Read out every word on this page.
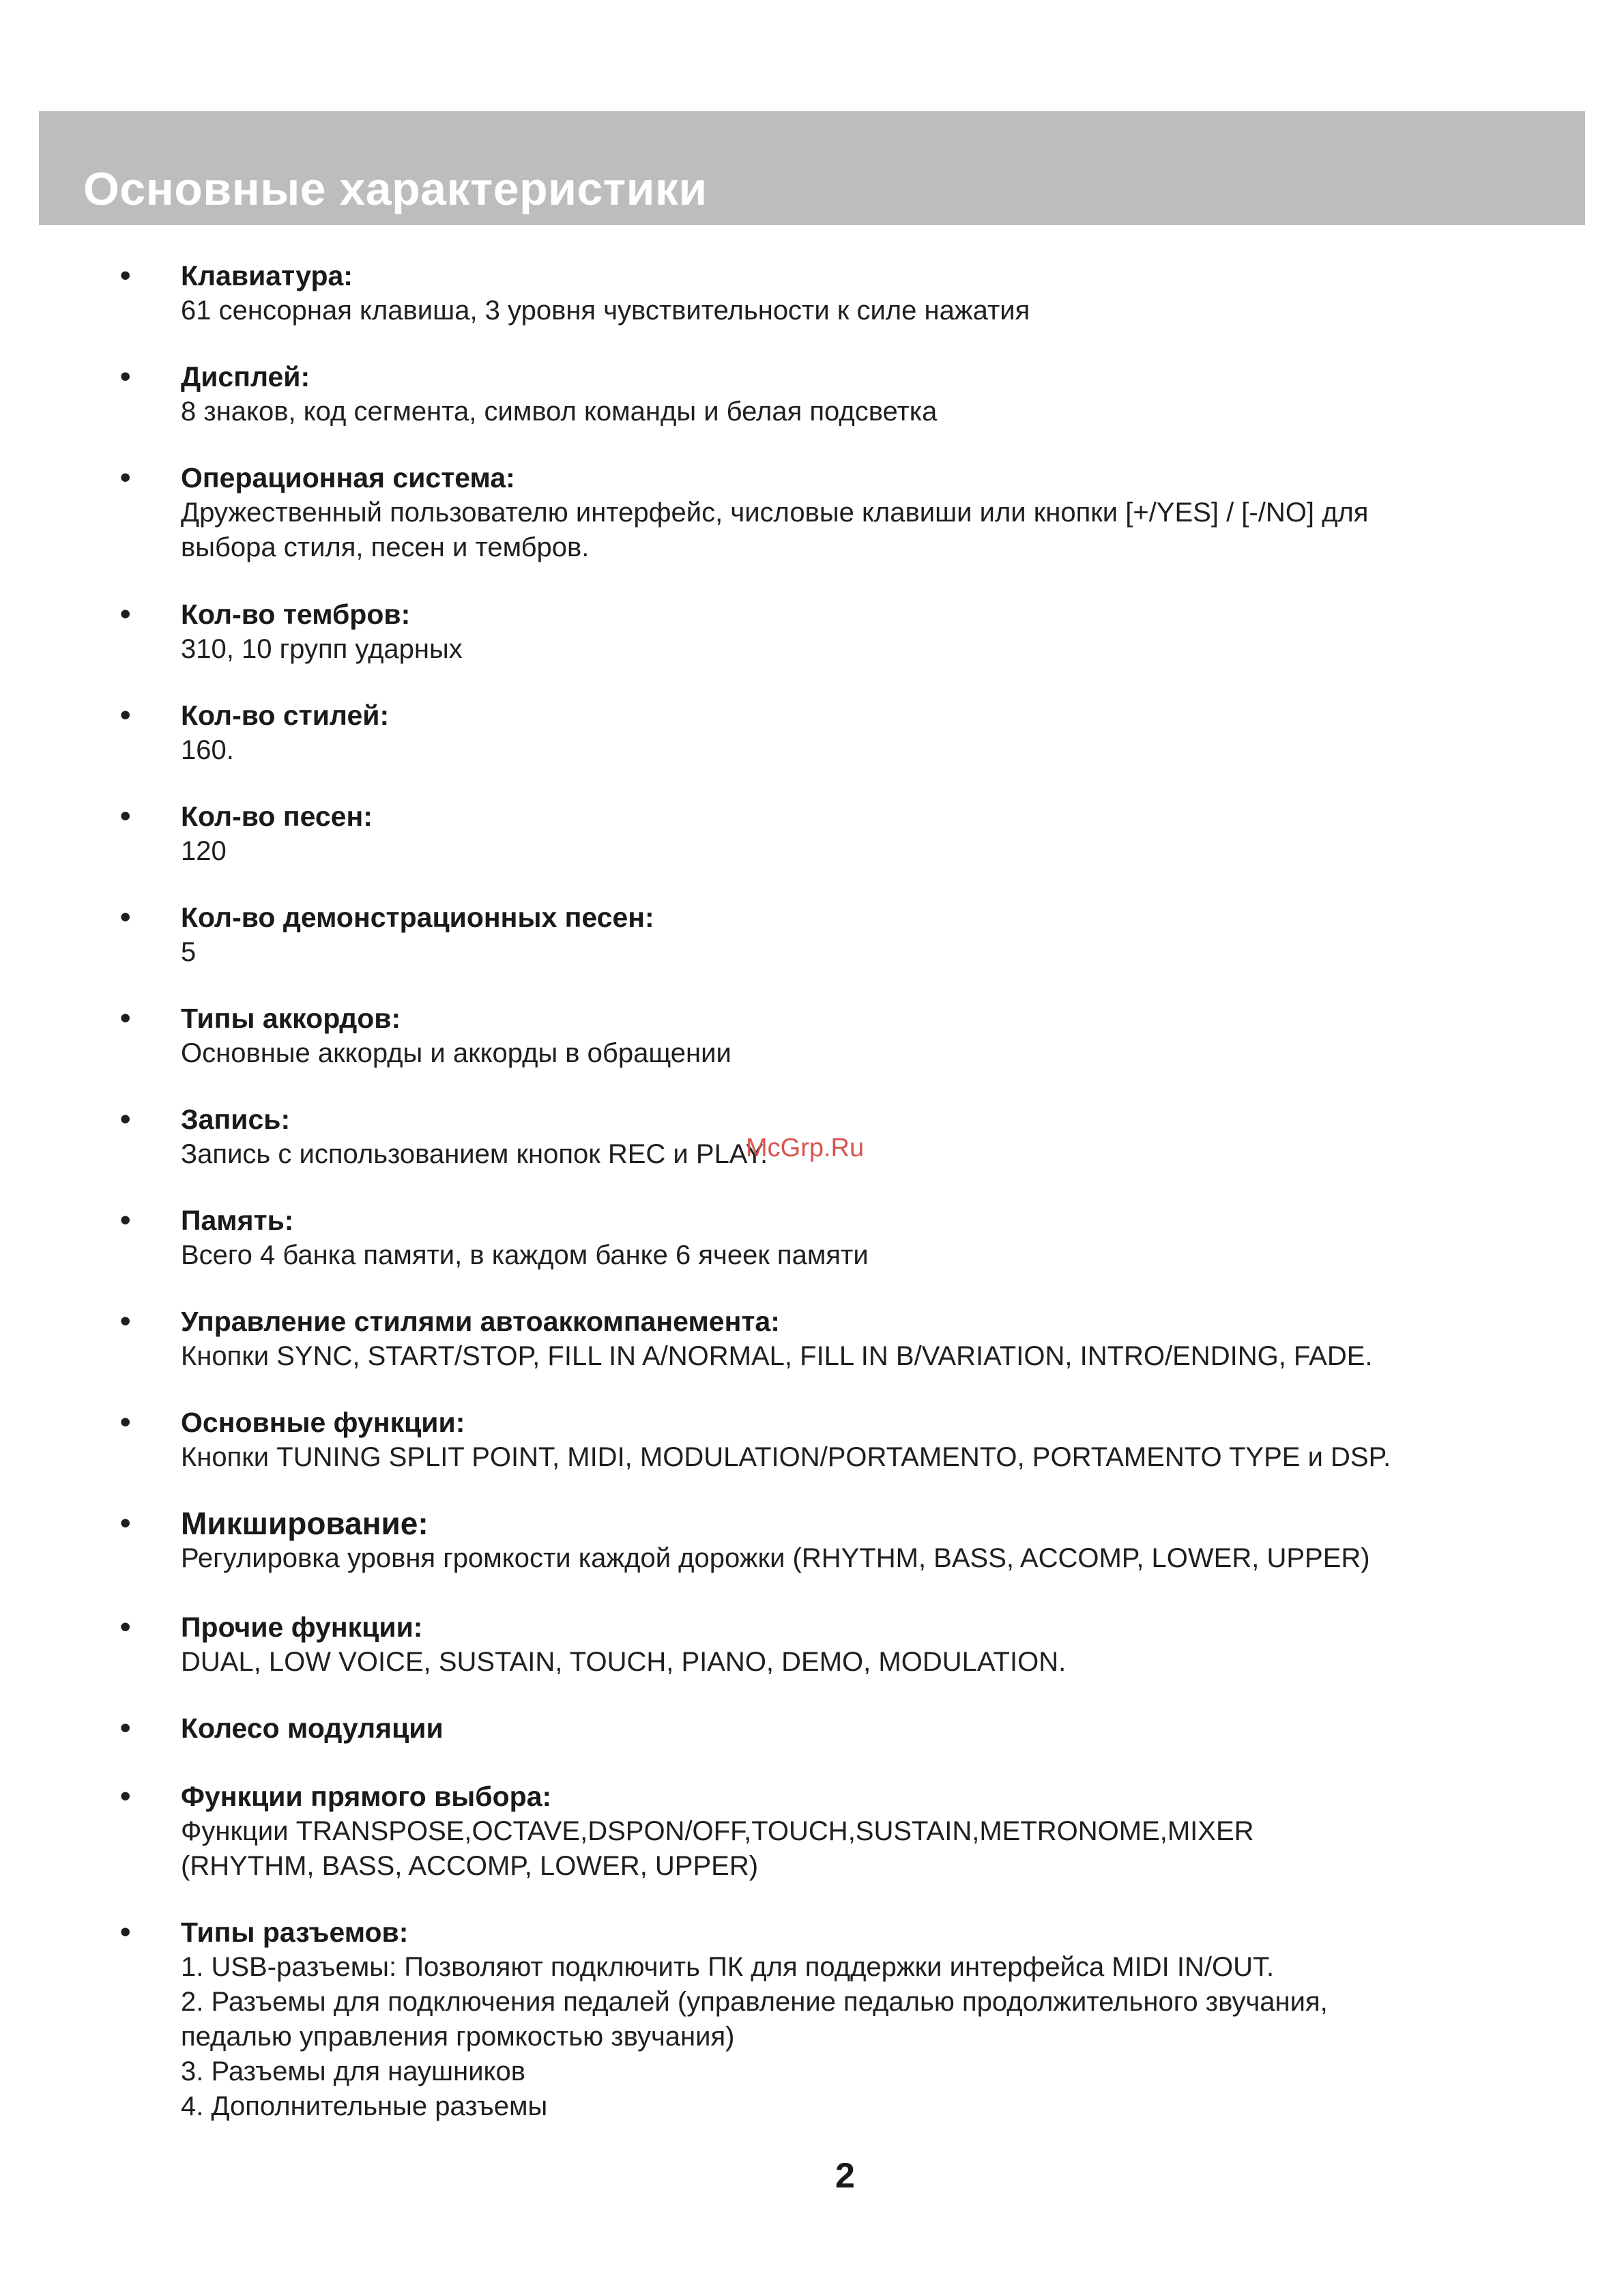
Основные характеристики
• Клавиатура:
61 сенсорная клавиша, 3 уровня чувствительности к силе нажатия
• Дисплей:
8 знаков, код сегмента, символ команды и белая подсветка
• Операционная система:
Дружественный пользователю интерфейс, числовые клавиши или кнопки [+/YES] / [-/NO] для
выбора стиля, песен и тембров.
• Кол-во тембров:
310, 10 групп ударных
• Кол-во стилей:
160.
• Кол-во песен:
120
• Кол-во демонстрационных песен:
5
• Типы аккордов:
Основные аккорды и аккорды в обращении
• Запись:
Запись с использованием кнопок REC и PLAY.
• Память:
Всего 4 банка памяти, в каждом банке 6 ячеек памяти
• Управление стилями автоаккомпанемента:
Кнопки SYNC, START/STOP, FILL IN A/NORMAL, FILL IN B/VARIATION, INTRO/ENDING, FADE.
• Основные функции:
Кнопки TUNING SPLIT POINT, MIDI, MODULATION/PORTAMENTO, PORTAMENTO TYPE и DSP.
• Микширование:
Регулировка уровня громкости каждой дорожки (RHYTHM, BASS, ACCOMP, LOWER, UPPER)
• Прочие функции:
DUAL, LOW VOICE, SUSTAIN, TOUCH, PIANO, DEMO, MODULATION.
• Колесо модуляции
• Функции прямого выбора:
Функции TRANSPOSE,OCTAVE,DSPON/OFF,TOUCH,SUSTAIN,METRONOME,MIXER
(RHYTHM, BASS, ACCOMP, LOWER, UPPER)
• Типы разъемов:
1. USB-разъемы: Позволяют подключить ПК для поддержки интерфейса MIDI IN/OUT.
2. Разъемы для подключения педалей (управление педалью продолжительного звучания,
педалью управления громкостью звучания)
3. Разъемы для наушников
4. Дополнительные разъемы
McGrp.Ru
2
